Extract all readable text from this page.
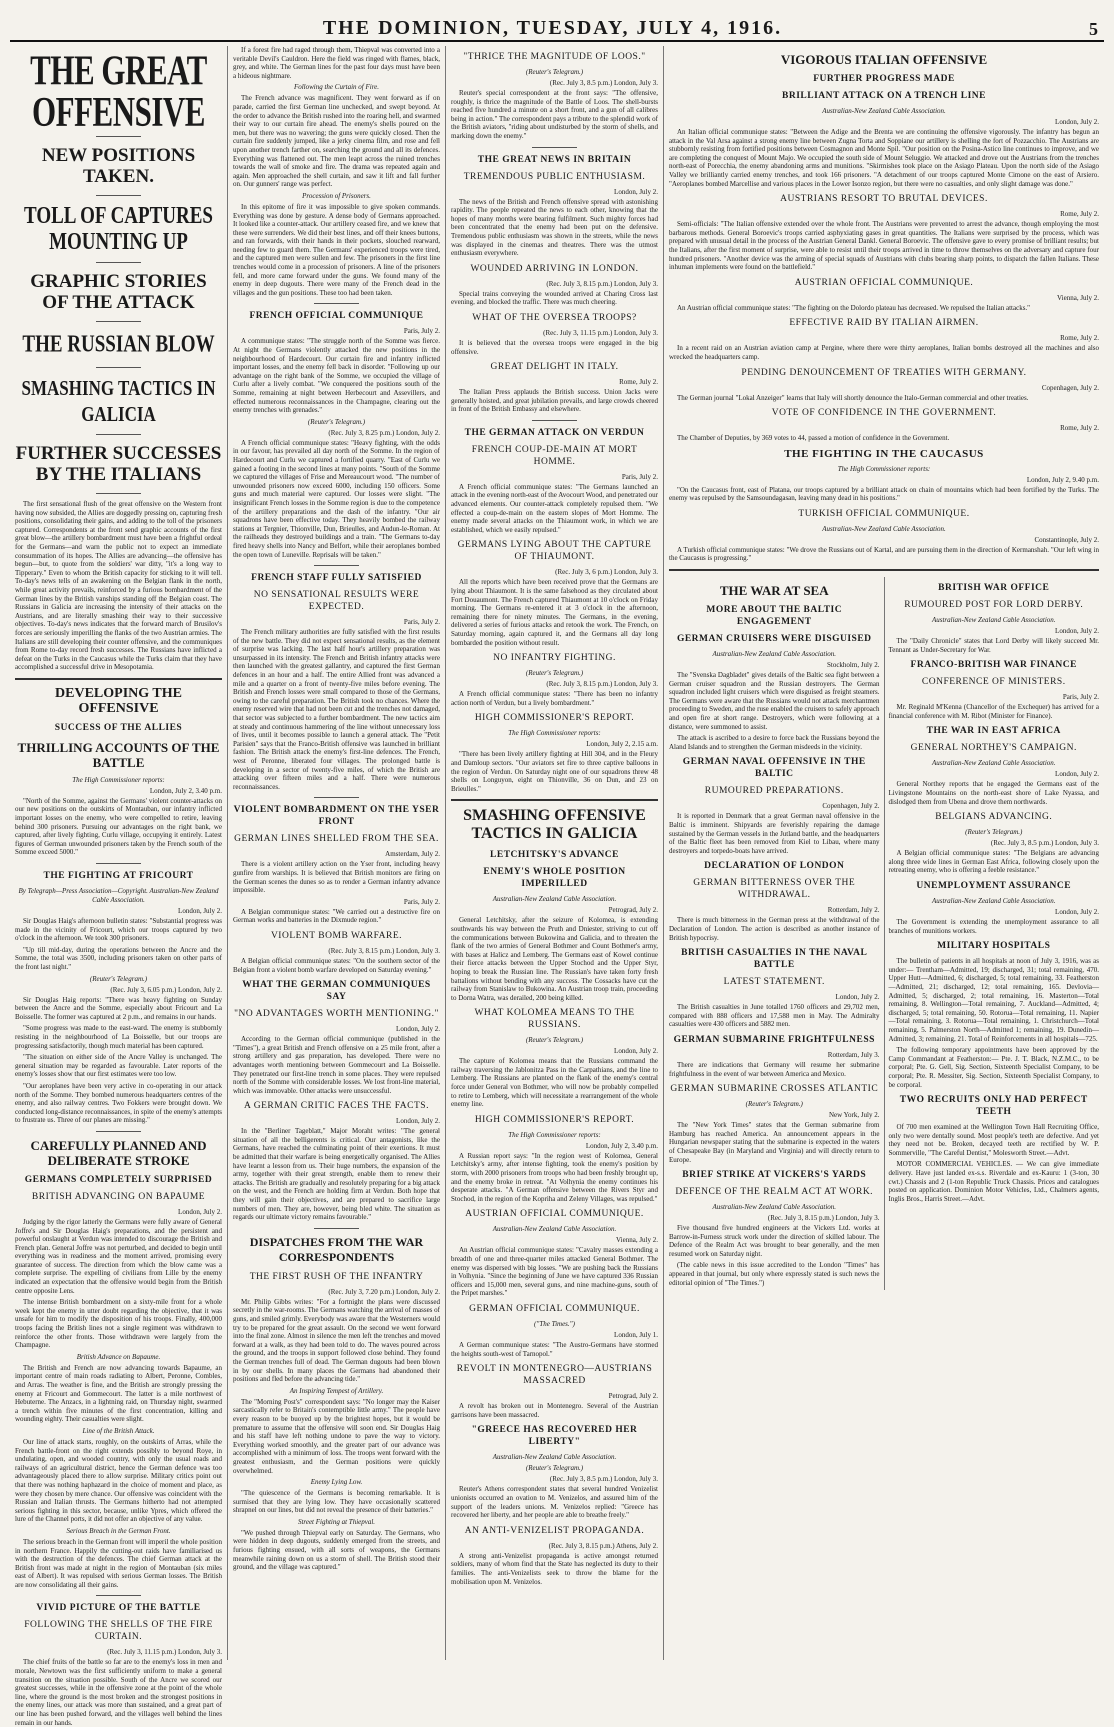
THE DOMINION, TUESDAY, JULY 4, 1916.	5
THE GREAT OFFENSIVE
NEW POSITIONS TAKEN.
TOLL OF CAPTURES MOUNTING UP
GRAPHIC STORIES OF THE ATTACK
THE RUSSIAN BLOW
SMASHING TACTICS IN GALICIA
FURTHER SUCCESSES BY THE ITALIANS

The first sensational flush of the great offensive on the Western front having now subsided, the Allies are doggedly pressing on, capturing fresh positions, consolidating their gains, and adding to the toll of the prisoners captured. Correspondents at the front send graphic accounts of the first great blow—the artillery bombardment must have been a frightful ordeal for the Germans—and warn the public not to expect an immediate consummation of its hopes. The Allies are advancing—the offensive has begun—but, to quote from the soldiers' war ditty, "it's a long way to Tipperary." Even to whom the British capacity for sticking to it will tell. To-day's news tells of an awakening on the Belgian flank in the north, while great activity prevails, reinforced by a furious bombardment of the German lines by the British vanships standing off the Belgian coast. The Russians in Galicia are increasing the intensity of their attacks on the Austrians, and are literally smashing their way to their successive objectives. To-day's news indicates that the forward march of Brusilov's forces are seriously imperilling the flanks of the two Austrian armies. The Italians are still developing their counter offensive, and the communiques from Rome to-day record fresh successes. The Russians have inflicted a defeat on the Turks in the Caucasus while the Turks claim that they have accomplished a successful drive in Mesopotamia.

DEVELOPING THE OFFENSIVE
SUCCESS OF THE ALLIES
THRILLING ACCOUNTS OF THE BATTLE
The High Commissioner reports:
London, July 2, 3.40 p.m.

"North of the Somme, against the Germans' violent counter-attacks on our new positions on the outskirts of Montauban, our infantry inflicted important losses on the enemy, who were compelled to retire, leaving behind 300 prisoners. Pursuing our advantages on the right bank, we captured, after lively fighting, Curlu village, occupying it entirely. Latest figures of German unwounded prisoners taken by the French south of the Somme exceed 5000."

THE FIGHTING AT FRICOURT
By Telegraph—Press Association—Copyright. Australian-New Zealand Cable Association.
London, July 2.

Sir Douglas Haig's afternoon bulletin states: "Substantial progress was made in the vicinity of Fricourt, which our troops captured by two o'clock in the afternoon. We took 300 prisoners.

"Up till mid-day, during the operations between the Ancre and the Somme, the total was 3500, including prisoners taken on other parts of the front last night."

(Reuter's Telegram.)
(Rec. July 3, 6.05 p.m.) London, July 2.

Sir Douglas Haig reports: "There was heavy fighting on Sunday between the Ancre and the Somme, especially about Fricourt and La Boisselle. The former was captured at 2 p.m., and remains in our hands.

"Some progress was made to the east-ward. The enemy is stubbornly resisting in the neighbourhood of La Boisselle, but our troops are progressing satisfactorily, though much material has been captured.

"The situation on either side of the Ancre Valley is unchanged. The general situation may be regarded as favourable. Later reports of the enemy's losses show that our first estimates were too low.

"Our aeroplanes have been very active in co-operating in our attack north of the Somme. They bombed numerous headquarters centres of the enemy, and also railway centres. Two Fokkers were brought down. We conducted long-distance reconnaissances, in spite of the enemy's attempts to frustrate us. Three of our planes are missing."

CAREFULLY PLANNED AND DELIBERATE STROKE
GERMANS COMPLETELY SURPRISED
BRITISH ADVANCING ON BAPAUME
London, July 2.

Judging by the rigor latterly the Germans were fully aware of General Joffre's and Sir Douglas Haig's preparations, and the persistent and powerful onslaught at Verdun was intended to discourage the British and French plan. General Joffre was not perturbed, and decided to begin until everything was in readiness and the moment arrived, promising every guarantee of success. The direction from which the blow came was a complete surprise. The expelling of civilians from Lille by the enemy indicated an expectation that the offensive would begin from the British centre opposite Lens.

The intense British bombardment on a sixty-mile front for a whole week kept the enemy in utter doubt regarding the objective, that it was unsafe for him to modify the disposition of his troops. Finally, 400,000 troops facing the British lines not a single regiment was withdrawn to reinforce the other fronts. Those withdrawn were largely from the Champagne.

British Advance on Bapaume.

The British and French are now advancing towards Bapaume, an important centre of main roads radiating to Albert, Peronne, Combles, and Arras. The weather is fine, and the British are strongly pressing the enemy at Fricourt and Gommecourt. The latter is a mile northwest of Hebuterne. The Anzacs, in a lightning raid, on Thursday night, swarmed a trench within five minutes of the first concentration, killing and wounding eighty. Their casualties were slight.

Line of the British Attack.

Our line of attack starts, roughly, on the outskirts of Arras, while the French battle-front on the right extends possibly to beyond Roye, in undulating, open, and wooded country, with only the usual roads and railways of an agricultural district, hence the German defence was too advantageously placed there to allow surprise. Military critics point out that there was nothing haphazard in the choice of moment and place, as were they chosen by mere chance. Our offensive was coincident with the Russian and Italian thrusts. The Germans hitherto had not attempted serious fighting in this sector, because, unlike Ypres, which offered the lure of the Channel ports, it did not offer an objective of any value.

Serious Breach in the German Front.

The serious breach in the German front will imperil the whole position in northern France. Happily the cutting-out raids have familiarised us with the destruction of the defences. The chief German attack at the British front was made at night in the region of Montauban (six miles east of Albert). It was repulsed with serious German losses. The British are now consolidating all their gains.

VIVID PICTURE OF THE BATTLE
FOLLOWING THE SHELLS OF THE FIRE CURTAIN.
(Rec. July 3, 11.15 p.m.) London, July 3.

The chief fruits of the battle so far are to the enemy's loss in men and morale, Newtown was the first sufficiently uniform to make a general transition on the situation possible. South of the Ancre we scored our greatest successes, while in the offensive zone at the point of the whole line, where the ground is the most broken and the strongest positions in the enemy lines, our attack was more than sustained, and a great part of our line has been pushed forward, and the villages well behind the lines remain in our hands.

If a forest fire had raged through them, Thiepval was converted into a veritable Devil's Cauldron. Here the field was ringed with flames, black, grey, and white. The German lines for the past four days must have been a hideous nightmare.

Following the Curtain of Fire.

The French advance was magnificent. They went forward as if on parade, carried the first German line unchecked, and swept beyond. At the order to advance the British rushed into the roaring hell, and swarmed their way to our curtain fire ahead. The enemy's shells poured on the men, but there was no wavering; the guns were quickly closed. Then the curtain fire suddenly jumped, like a jerky cinema film, and rose and fell upon another trench farther on, searching the ground and all its defences. Everything was flattened out. The men leapt across the ruined trenches towards the wall of smoke and fire. The drama was repeated again and again. Men approached the shell curtain, and saw it lift and fall further on. Our gunners' range was perfect.

Procession of Prisoners.

In this epitome of fire it was impossible to give spoken commands. Everything was done by gesture. A dense body of Germans approached. It looked like a counter-attack. Our artillery ceased fire, and we knew that these were surrenders. We did their best lines, and off their knees buttons, and ran forwards, with their hands in their pockets, slouched rearward, needing few to guard them. The Germans' experienced troops were tired, and the captured men were sullen and few. The prisoners in the first line trenches would come in a procession of prisoners. A line of the prisoners fell, and more came forward under the guns. We found many of the enemy in deep dugouts. There were many of the French dead in the villages and the gun positions. These too had been taken.

FRENCH OFFICIAL COMMUNIQUE
Paris, July 2.

A communique states: "The struggle north of the Somme was fierce. At night the Germans violently attacked the new positions in the neighbourhood of Hardecourt. Our curtain fire and infantry inflicted important losses, and the enemy fell back in disorder. "Following up our advantage on the right bank of the Somme, we occupied the village of Curlu after a lively combat. "We conquered the positions south of the Somme, remaining at night between Herbecourt and Assevillers, and effected numerous reconnaissances in the Champagne, clearing out the enemy trenches with grenades."

(Reuter's Telegram.)
(Rec. July 3, 8.25 p.m.) London, July 2.

A French official communique states: "Heavy fighting, with the odds in our favour, has prevailed all day north of the Somme. In the region of Hardecourt and Curlu we captured a fortified quarry. "East of Curlu we gained a footing in the second lines at many points. "South of the Somme we captured the villages of Frise and Mereaucourt wood. "The number of unwounded prisoners now exceed 6000, including 150 officers. Some guns and much material were captured. Our losses were slight. "The insignificant French losses in the Somme region is due to the competence of the artillery preparations and the dash of the infantry. "Our air squadrons have been effective today. They heavily bombed the railway stations at Tergnier, Thionville, Dun, Brieulles, and Audun-le-Roman. At the railheads they destroyed buildings and a train. "The Germans to-day fired heavy shells into Nancy and Belfort, while their aeroplanes bombed the open town of Luneville. Reprisals will be taken."

FRENCH STAFF FULLY SATISFIED
NO SENSATIONAL RESULTS WERE EXPECTED.
Paris, July 2.

The French military authorities are fully satisfied with the first results of the new battle. They did not expect sensational results, as the element of surprise was lacking. The last half hour's artillery preparation was unsurpassed in its intensity. The French and British infantry attacks were then launched with the greatest gallantry, and captured the first German defences in an hour and a half. The entire Allied front was advanced a mile and a quarter on a front of twenty-five miles before evening. The British and French losses were small compared to those of the Germans, owing to the careful preparation. The British took no chances. Where the enemy reserved wire that had not been cut and the trenches not damaged, that sector was subjected to a further bombardment. The new tactics aim at steady and continuous hammering of the line without unnecessary loss of lives, until it becomes possible to launch a general attack. The "Petit Parisien" says that the Franco-British offensive was launched in brilliant fashion. The British attack the enemy's first-line defences. The French, west of Peronne, liberated four villages. The prolonged battle is developing in a sector of twenty-five miles, of which the British are attacking over fifteen miles and a half. There were numerous reconnaissances.

VIOLENT BOMBARDMENT ON THE YSER FRONT
GERMAN LINES SHELLED FROM THE SEA.
Amsterdam, July 2.

There is a violent artillery action on the Yser front, including heavy gunfire from warships. It is believed that British monitors are firing on the German scenes the dunes so as to render a German infantry advance impossible.

Paris, July 2.

A Belgian communique states: "We carried out a destructive fire on German works and batteries in the Dixmude region."

VIOLENT BOMB WARFARE.
(Rec. July 3, 8.15 p.m.) London, July 3.

A Belgian official communique states: "On the southern sector of the Belgian front a violent bomb warfare developed on Saturday evening."

WHAT THE GERMAN COMMUNIQUES SAY
"NO ADVANTAGES WORTH MENTIONING."
London, July 2.

According to the German official communique (published in the "Times"), a great British and French offensive on a 25 mile front, after a strong artillery and gas preparation, has developed. There were no advantages worth mentioning between Gommecourt and La Boisselle. They penetrated our first-line trench in some places. They were repulsed north of the Somme with considerable losses. We lost front-line material, which was immovable. Other attacks were unsuccessful.

A GERMAN CRITIC FACES THE FACTS.
London, July 2.

In the "Berliner Tageblatt," Major Moraht writes: "The general situation of all the belligerents is critical. Our antagonists, like the Germans, have reached the culminating point of their exertions. It must be admitted that their warfare is being energetically organised. The Allies have learnt a lesson from us. Their huge numbers, the expansion of the army, together with their great strength, enable them to renew their attacks. The British are gradually and resolutely preparing for a big attack on the west, and the French are holding firm at Verdun. Both hope that they will gain their objectives, and are prepared to sacrifice large numbers of men. They are, however, being bled white. The situation as regards our ultimate victory remains favourable."

DISPATCHES FROM THE WAR CORRESPONDENTS
THE FIRST RUSH OF THE INFANTRY
(Rec. July 3, 7.20 p.m.) London, July 2.

Mr. Philip Gibbs writes: "For a fortnight the plans were discussed secretly in the war-rooms. The Germans watching the arrival of masses of guns, and smiled grimly. Everybody was aware that the Westerners would try to be prepared for the great assault. On the second we went forward into the final zone. Almost in silence the men left the trenches and moved forward at a walk, as they had been told to do. The waves poured across the ground, and the troops in support followed close behind. They found the German trenches full of dead. The German dugouts had been blown in by our shells. In many places the Germans had abandoned their positions and fled before the advancing tide."

An Inspiring Tempest of Artillery.

The "Morning Post's" correspondent says: "No longer may the Kaiser sarcastically refer to Britain's contemptible little army." The people have every reason to be buoyed up by the brightest hopes, but it would be premature to assume that the offensive will soon end. Sir Douglas Haig and his staff have left nothing undone to pave the way to victory. Everything worked smoothly, and the greater part of our advance was accomplished with a minimum of loss. The troops went forward with the greatest enthusiasm, and the German positions were quickly overwhelmed.

Enemy Lying Low.

"The quiescence of the Germans is becoming remarkable. It is surmised that they are lying low. They have occasionally scattered shrapnel on our lines, but did not reveal the presence of their batteries."

Street Fighting at Thiepval.

"We pushed through Thiepval early on Saturday. The Germans, who were hidden in deep dugouts, suddenly emerged from the streets, and furious fighting ensued, with all sorts of weapons, the Germans meanwhile raining down on us a storm of shell. The British stood their ground, and the village was captured."

"THRICE THE MAGNITUDE OF LOOS."
(Reuter's Telegram.)
(Rec. July 3, 8.5 p.m.) London, July 3.

Reuter's special correspondent at the front says: "The offensive, roughly, is thrice the magnitude of the Battle of Loos. The shell-bursts reached five hundred a minute on a short front, and a gun of all calibres being in action." The correspondent pays a tribute to the splendid work of the British aviators, "riding about undisturbed by the storm of shells, and marking down the enemy."

THE GREAT NEWS IN BRITAIN
TREMENDOUS PUBLIC ENTHUSIASM.
London, July 2.

The news of the British and French offensive spread with astonishing rapidity. The people repeated the news to each other, knowing that the hopes of many months were bearing fulfilment. Such mighty forces had been concentrated that the enemy had been put on the defensive. Tremendous public enthusiasm was shown in the streets, while the news was displayed in the cinemas and theatres. There was the utmost enthusiasm everywhere.

WOUNDED ARRIVING IN LONDON.
(Rec. July 3, 8.15 p.m.) London, July 3.

Special trains conveying the wounded arrived at Charing Cross last evening, and blocked the traffic. There was much cheering.

WHAT OF THE OVERSEA TROOPS?
(Rec. July 3, 11.15 p.m.) London, July 3.

It is believed that the oversea troops were engaged in the big offensive.

GREAT DELIGHT IN ITALY.
Rome, July 2.

The Italian Press applauds the British success. Union Jacks were generally hoisted, and great jubilation prevails, and large crowds cheered in front of the British Embassy and elsewhere.

THE GERMAN ATTACK ON VERDUN
FRENCH COUP-DE-MAIN AT MORT HOMME.
Paris, July 2.

A French official communique states: "The Germans launched an attack in the evening north-east of the Avocourt Wood, and penetrated our advanced elements. Our counter-attack completely repulsed them. "We effected a coup-de-main on the eastern slopes of Mort Homme. The enemy made several attacks on the Thiaumont work, in which we are established, which we easily repulsed."

GERMANS LYING ABOUT THE CAPTURE OF THIAUMONT.
(Rec. July 3, 6 p.m.) London, July 3.

All the reports which have been received prove that the Germans are lying about Thiaumont. It is the same falsehood as they circulated about Fort Douaumont. The French captured Thiaumont at 10 o'clock on Friday morning. The Germans re-entered it at 3 o'clock in the afternoon, remaining there for ninety minutes. The Germans, in the evening, delivered a series of furious attacks and retook the work. The French, on Saturday morning, again captured it, and the Germans all day long bombarded the position without result.

NO INFANTRY FIGHTING.
(Reuter's Telegram.)
(Rec. July 3, 8.15 p.m.) London, July 3.

A French official communique states: "There has been no infantry action north of Verdun, but a lively bombardment."

HIGH COMMISSIONER'S REPORT.
The High Commissioner reports:
London, July 2, 2.15 a.m.

"There has been lively artillery fighting at Hill 304, and in the Fleury and Damloup sectors. "Our aviators set fire to three captive balloons in the region of Verdun. On Saturday night one of our squadrons threw 48 shells on Longuyon, eight on Thionville, 36 on Dun, and 23 on Brieulles."

SMASHING OFFENSIVE TACTICS IN GALICIA
LETCHITSKY'S ADVANCE
ENEMY'S WHOLE POSITION IMPERILLED
Australian-New Zealand Cable Association.
Petrograd, July 2.

General Letchitsky, after the seizure of Kolomea, is extending southwards his way between the Pruth and Dniester, striving to cut off the communications between Bukowina and Galicia, and to threaten the flank of the two armies of General Bothmer and Count Bothmer's army, with bases at Halicz and Lemberg. The Germans east of Kowel continue their fierce attacks between the Upper Stochod and the Upper Styr, hoping to break the Russian line. The Russian's have taken forty fresh battalions without bending with any success. The Cossacks have cut the railway from Stanislaw to Bukowina. An Austrian troop train, proceeding to Dorna Watra, was derailed, 200 being killed.

WHAT KOLOMEA MEANS TO THE RUSSIANS.
(Reuter's Telegram.)
London, July 2.

The capture of Kolomea means that the Russians command the railway traversing the Jablonitza Pass in the Carpathians, and the line to Lemberg. The Russians are planted on the flank of the enemy's central force under General von Bothmer, who will now be probably compelled to retire to Lemberg, which will necessitate a rearrangement of the whole enemy line.

HIGH COMMISSIONER'S REPORT.
The High Commissioner reports:
London, July 2, 3.40 p.m.

A Russian report says: "In the region west of Kolomea, General Letchitsky's army, after intense fighting, took the enemy's position by storm, with 2000 prisoners from troops who had been freshly brought up, and the enemy broke in retreat. "At Volhynia the enemy continues his desperate attacks. "A German offensive between the Rivers Styr and Stochod, in the region of the Kopriha and Zeleny Villages, was repulsed."

AUSTRIAN OFFICIAL COMMUNIQUE.
Australian-New Zealand Cable Association.
Vienna, July 2.

An Austrian official communique states: "Cavalry masses extending a breadth of one and three-quarter miles attacked General Bothmer. The enemy was dispersed with big losses. "We are pushing back the Russians in Volhynia. "Since the beginning of June we have captured 336 Russian officers and 15,000 men, several guns, and nine machine-guns, south of the Pripet marshes."

GERMAN OFFICIAL COMMUNIQUE.
("The Times.")
London, July 1.

A German communique states: "The Austro-Germans have stormed the heights south-west of Tarnopol."

REVOLT IN MONTENEGRO—AUSTRIANS MASSACRED
Petrograd, July 2.

A revolt has broken out in Montenegro. Several of the Austrian garrisons have been massacred.

"GREECE HAS RECOVERED HER LIBERTY"
Australian-New Zealand Cable Association.
(Reuter's Telegram.)
(Rec. July 3, 8.5 p.m.) London, July 3.

Reuter's Athens correspondent states that several hundred Venizelist unionists occurred an ovation to M. Venizelos, and assured him of the support of the leaders unions. M. Venizelos replied: "Greece has recovered her liberty, and her people are able to breathe freely."

AN ANTI-VENIZELIST PROPAGANDA.
(Rec. July 3, 8.15 p.m.) Athens, July 2.

A strong anti-Venizelist propaganda is active amongst returned soldiers, many of whom find that the State has neglected its duty to their families. The anti-Venizelists seek to throw the blame for the mobilisation upon M. Venizelos.

VIGOROUS ITALIAN OFFENSIVE
FURTHER PROGRESS MADE
BRILLIANT ATTACK ON A TRENCH LINE
Australian-New Zealand Cable Association.
London, July 2.

An Italian official communique states: "Between the Adige and the Brenta we are continuing the offensive vigorously. The infantry has begun an attack in the Val Arsa against a strong enemy line between Zugna Torta and Soppiane our artillery is shelling the fort of Pozzacchio. The Austrians are stubbornly resisting from fortified positions between Cosmagnon and Monte Spil. "Our position on the Posina-Astico line continues to improve, and we are completing the conquest of Mount Majo. We occupied the south side of Mount Seluggio. We attacked and drove out the Austrians from the trenches north-east of Porecchia, the enemy abandoning arms and munitions. "Skirmishes took place on the Asiago Plateau. Upon the north side of the Asiago Valley we brilliantly carried enemy trenches, and took 166 prisoners. "A detachment of our troops captured Monte Cimone on the east of Arsiero. "Aeroplanes bombed Marcellise and various places in the Lower Isonzo region, but there were no casualties, and only slight damage was done."

AUSTRIANS RESORT TO BRUTAL DEVICES.
Rome, July 2.

Semi-officials: "The Italian offensive extended over the whole front. The Austrians were prevented to arrest the advance, though employing the most barbarous methods. General Boroevic's troops carried asphyxiating gases in great quantities. The Italians were surprised by the process, which was prepared with unusual detail in the process of the Austrian General Dankl. General Boroevic. The offensive gave to every promise of brilliant results; but the Italians, after the first moment of surprise, were able to resist until their troops arrived in time to throw themselves on the adversary and capture four hundred prisoners. "Another device was the arming of special squads of Austrians with clubs bearing sharp points, to dispatch the fallen Italians. These inhuman implements were found on the battlefield."

AUSTRIAN OFFICIAL COMMUNIQUE.
Vienna, July 2.

An Austrian official communique states: "The fighting on the Dolordo plateau has decreased. We repulsed the Italian attacks."

EFFECTIVE RAID BY ITALIAN AIRMEN.
Rome, July 2.

In a recent raid on an Austrian aviation camp at Pergine, where there were thirty aeroplanes, Italian bombs destroyed all the machines and also wrecked the headquarters camp.

PENDING DENOUNCEMENT OF TREATIES WITH GERMANY.
Copenhagen, July 2.

The German journal "Lokal Anzeiger" learns that Italy will shortly denounce the Italo-German commercial and other treaties.

VOTE OF CONFIDENCE IN THE GOVERNMENT.
Rome, July 2.

The Chamber of Deputies, by 369 votes to 44, passed a motion of confidence in the Government.

THE FIGHTING IN THE CAUCASUS
The High Commissioner reports:
London, July 2, 9.40 p.m.

"On the Caucasus front, east of Platana, our troops captured by a brilliant attack on chain of mountains which had been fortified by the Turks. The enemy was repulsed by the Samsoundagasan, leaving many dead in his positions."

TURKISH OFFICIAL COMMUNIQUE.
Australian-New Zealand Cable Association.
Constantinople, July 2.

A Turkish official communique states: "We drove the Russians out of Kartal, and are pursuing them in the direction of Kermanshah. "Our left wing in the Caucasus is progressing."

THE WAR AT SEA
MORE ABOUT THE BALTIC ENGAGEMENT
GERMAN CRUISERS WERE DISGUISED
Australian-New Zealand Cable Association.
Stockholm, July 2.

The "Svenska Dagbladet" gives details of the Baltic sea fight between a German cruiser squadron and the Russian destroyers. The German squadron included light cruisers which were disguised as freight steamers. The Germans were aware that the Russians would not attack merchantmen proceeding to Sweden, and the ruse enabled the cruisers to safely approach and open fire at short range. Destroyers, which were following at a distance, were summoned to assist.

The attack is ascribed to a desire to force back the Russians beyond the Aland Islands and to strengthen the German misdeeds in the vicinity.

GERMAN NAVAL OFFENSIVE IN THE BALTIC
RUMOURED PREPARATIONS.
Copenhagen, July 2.

It is reported in Denmark that a great German naval offensive in the Baltic is imminent. Shipyards are feverishly repairing the damage sustained by the German vessels in the Jutland battle, and the headquarters of the Baltic fleet has been removed from Kiel to Libau, where many destroyers and torpedo-boats have arrived.

DECLARATION OF LONDON
GERMAN BITTERNESS OVER THE WITHDRAWAL.
Rotterdam, July 2.

There is much bitterness in the German press at the withdrawal of the Declaration of London. The action is described as another instance of British hypocrisy.

BRITISH CASUALTIES IN THE NAVAL BATTLE
LATEST STATEMENT.
London, July 2.

The British casualties in June totalled 1760 officers and 29,702 men, compared with 888 officers and 17,588 men in May. The Admiralty casualties were 430 officers and 5882 men.

GERMAN SUBMARINE FRIGHTFULNESS
Rotterdam, July 3.

There are indications that Germany will resume her submarine frightfulness in the event of war between America and Mexico.

GERMAN SUBMARINE CROSSES ATLANTIC
(Reuter's Telegram.)
New York, July 2.

The "New York Times" states that the German submarine from Hamburg has reached America. An announcement appears in the Hungarian newspaper stating that the submarine is expected in the waters of Chesapeake Bay (in Maryland and Virginia) and will directly return to Europe.

BRIEF STRIKE AT VICKERS'S YARDS
DEFENCE OF THE REALM ACT AT WORK.
Australian-New Zealand Cable Association.
(Rec. July 3, 8.15 p.m.) London, July 3.

Five thousand five hundred engineers at the Vickers Ltd. works at Barrow-in-Furness struck work under the direction of skilled labour. The Defence of the Realm Act was brought to bear generally, and the men resumed work on Saturday night.

(The cable news in this issue accredited to the London "Times" has appeared in that journal, but only where expressly stated is such news the editorial opinion of "The Times.")

BRITISH WAR OFFICE
RUMOURED POST FOR LORD DERBY.
Australian-New Zealand Cable Association.
London, July 2.

The "Daily Chronicle" states that Lord Derby will likely succeed Mr. Tennant as Under-Secretary for War.

FRANCO-BRITISH WAR FINANCE
CONFERENCE OF MINISTERS.
Paris, July 2.

Mr. Reginald M'Kenna (Chancellor of the Exchequer) has arrived for a financial conference with M. Ribot (Minister for Finance).

THE WAR IN EAST AFRICA
GENERAL NORTHEY'S CAMPAIGN.
Australian-New Zealand Cable Association.
London, July 2.

General Northey reports that he engaged the Germans east of the Livingstone Mountains on the north-east shore of Lake Nyassa, and dislodged them from Ubena and drove them northwards.

BELGIANS ADVANCING.
(Reuter's Telegram.)
(Rec. July 3, 8.5 p.m.) London, July 3.

A Belgian official communique states: "The Belgians are advancing along three wide lines in German East Africa, following closely upon the retreating enemy, who is offering a feeble resistance."

UNEMPLOYMENT ASSURANCE
Australian-New Zealand Cable Association.
London, July 2.

The Government is extending the unemployment assurance to all branches of munitions workers.

MILITARY HOSPITALS

The bulletin of patients in all hospitals at noon of July 3, 1916, was as under:— Trentham—Admitted, 19; discharged, 31; total remaining, 470. Upper Hutt—Admitted, 6; discharged, 5; total remaining, 33. Featherston—Admitted, 21; discharged, 12; total remaining, 165. Devlovia—Admitted, 5; discharged, 2; total remaining, 16. Masterton—Total remaining, 8. Wellington—Total remaining, 7. Auckland—Admitted, 4; discharged, 5; total remaining, 50. Rotorua—Total remaining, 11. Napier—Total remaining, 3. Rotorua—Total remaining, 1. Christchurch—Total remaining, 5. Palmerston North—Admitted 1; remaining, 19. Dunedin—Admitted, 3; remaining, 21. Total of Reinforcements in all hospitals—725.

The following temporary appointments have been approved by the Camp Commandant at Featherston:— Pte. J. T. Black, N.Z.M.C., to be corporal; Pte. G. Gell, Sig. Section, Sixteenth Specialist Company, to be corporal; Pte. R. Messiter, Sig. Section, Sixteenth Specialist Company, to be corporal.

TWO RECRUITS ONLY HAD PERFECT TEETH

Of 700 men examined at the Wellington Town Hall Recruiting Office, only two were dentally sound. Most people's teeth are defective. And yet they need not be. Broken, decayed teeth are rectified by W. P. Sommerville, "The Careful Dentist," Molesworth Street.—Advt.

MOTOR COMMERCIAL VEHICLES. — We can give immediate delivery. Have just landed ex-s.s. Riverdale and ex-Kauru: 1 (3-ton, 30 cwt.) Chassis and 2 (1-ton Republic Truck Chassis. Prices and catalogues posted on application. Dominion Motor Vehicles, Ltd., Chalmers agents, Inglis Bros., Harris Street.—Advt.
